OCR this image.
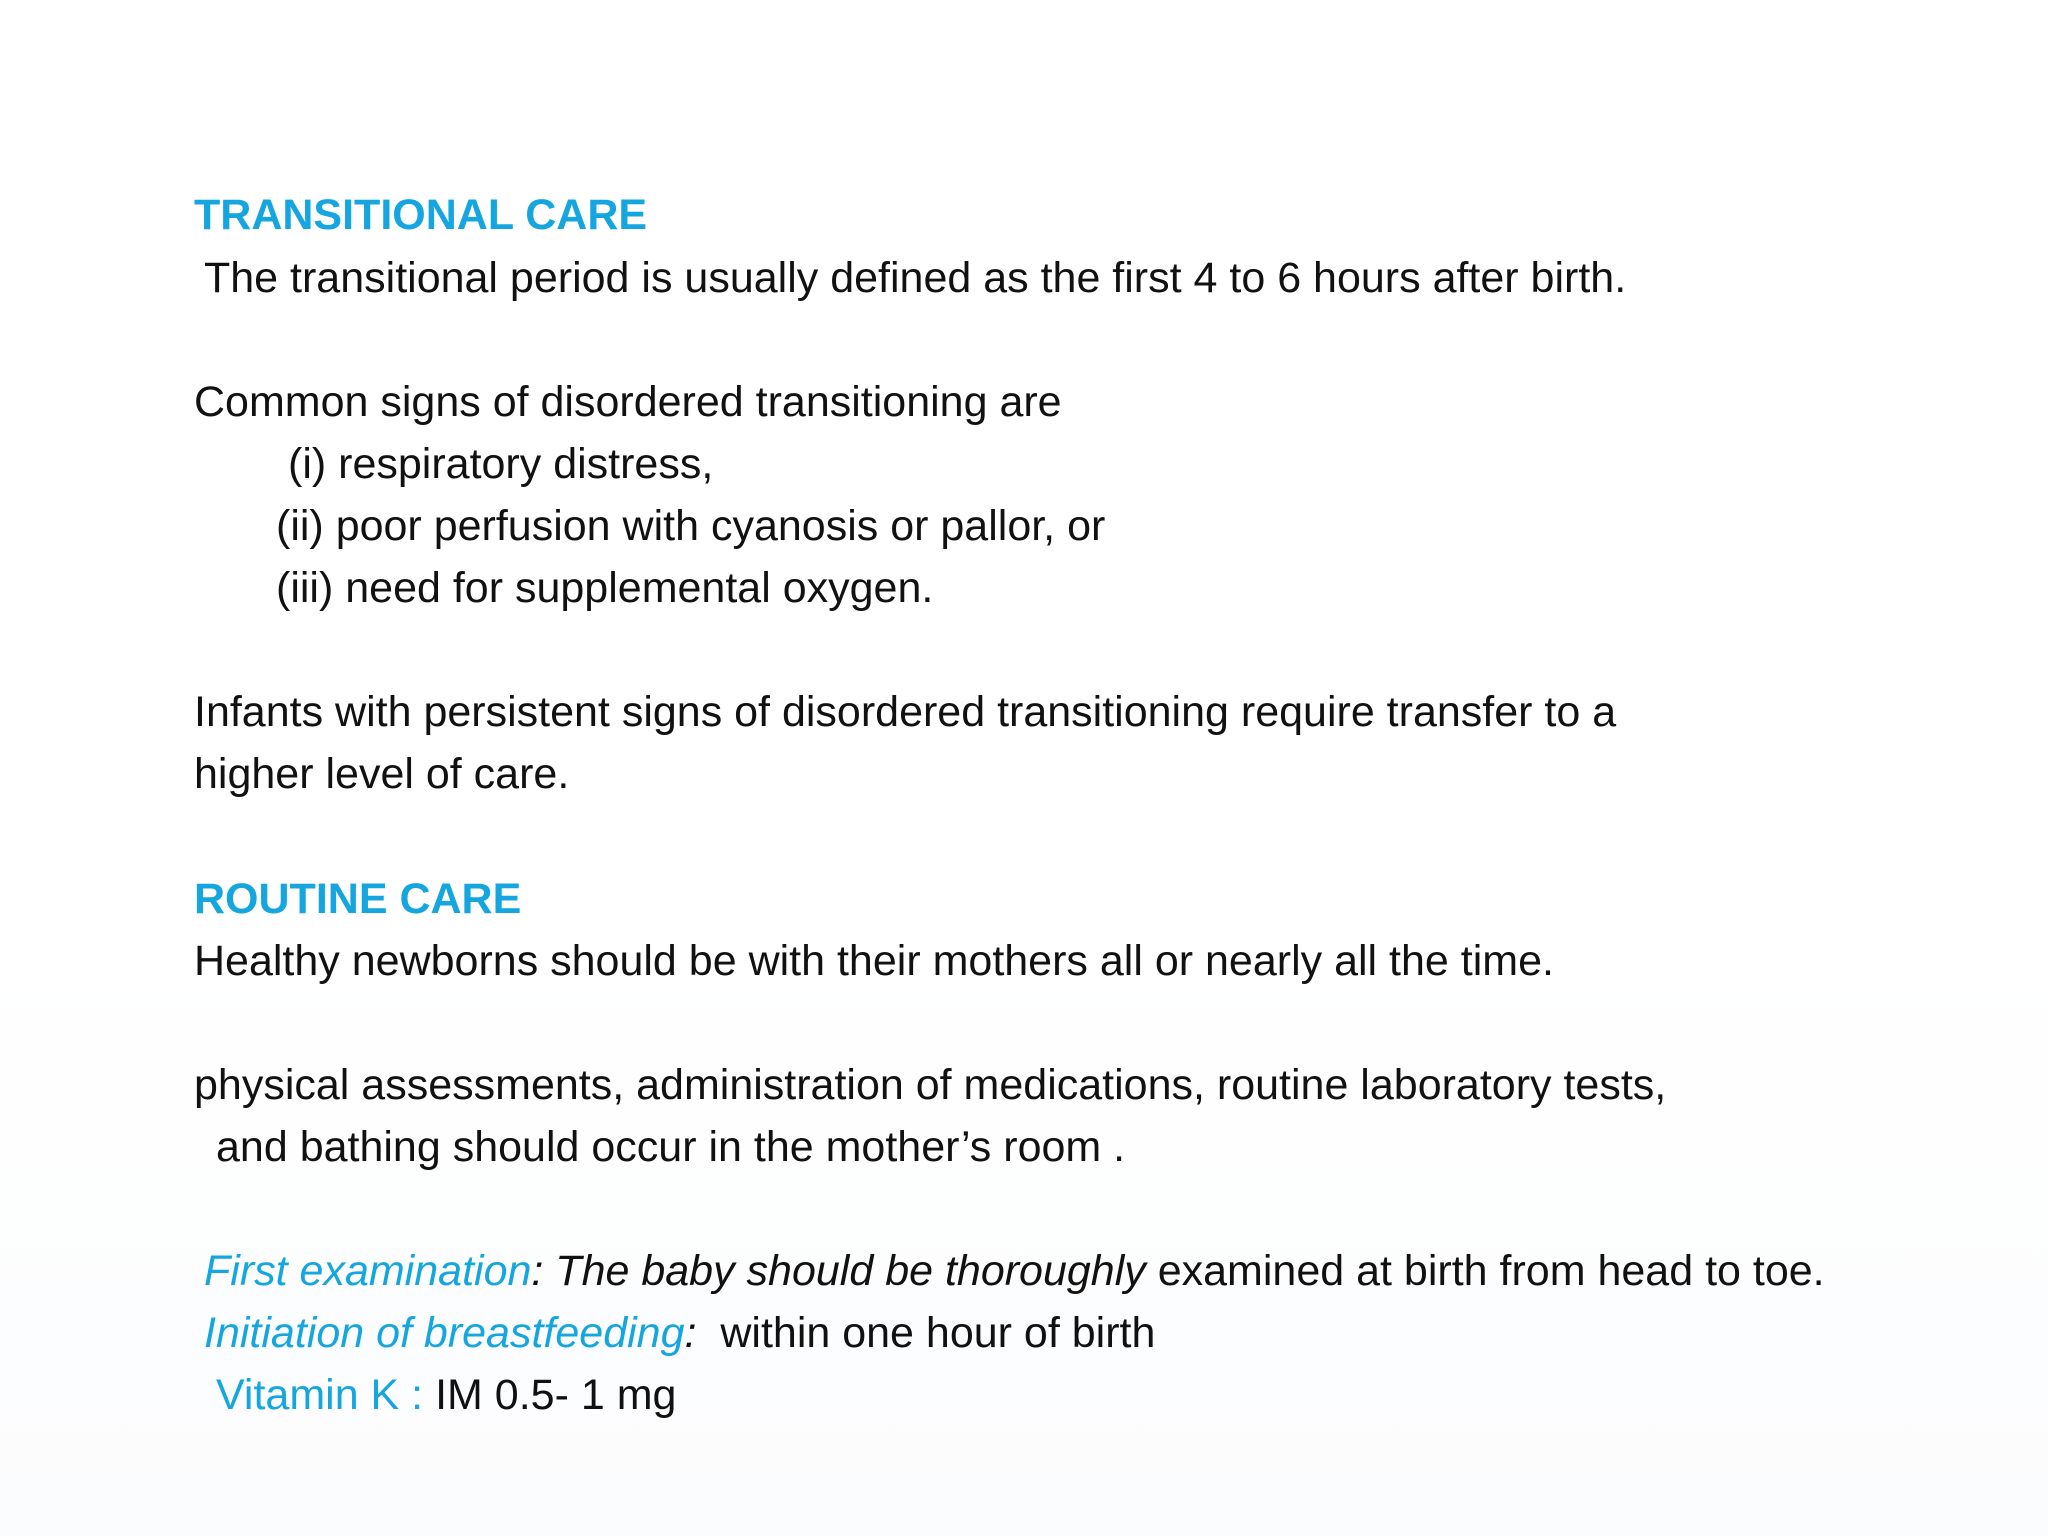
TRANSITIONAL CARE
The transitional period is usually defined as the first 4 to 6 hours after birth.
Common signs of disordered transitioning are
(i) respiratory distress,
(ii) poor perfusion with cyanosis or pallor, or
(iii) need for supplemental oxygen.
Infants with persistent signs of disordered transitioning require transfer to a
higher level of care.
ROUTINE CARE
Healthy newborns should be with their mothers all or nearly all the time.
physical assessments, administration of medications, routine laboratory tests,
and bathing should occur in the mother’s room .
First examination: The baby should be thoroughly examined at birth from head to toe.
Initiation of breastfeeding:  within one hour of birth
Vitamin K : IM 0.5- 1 mg
